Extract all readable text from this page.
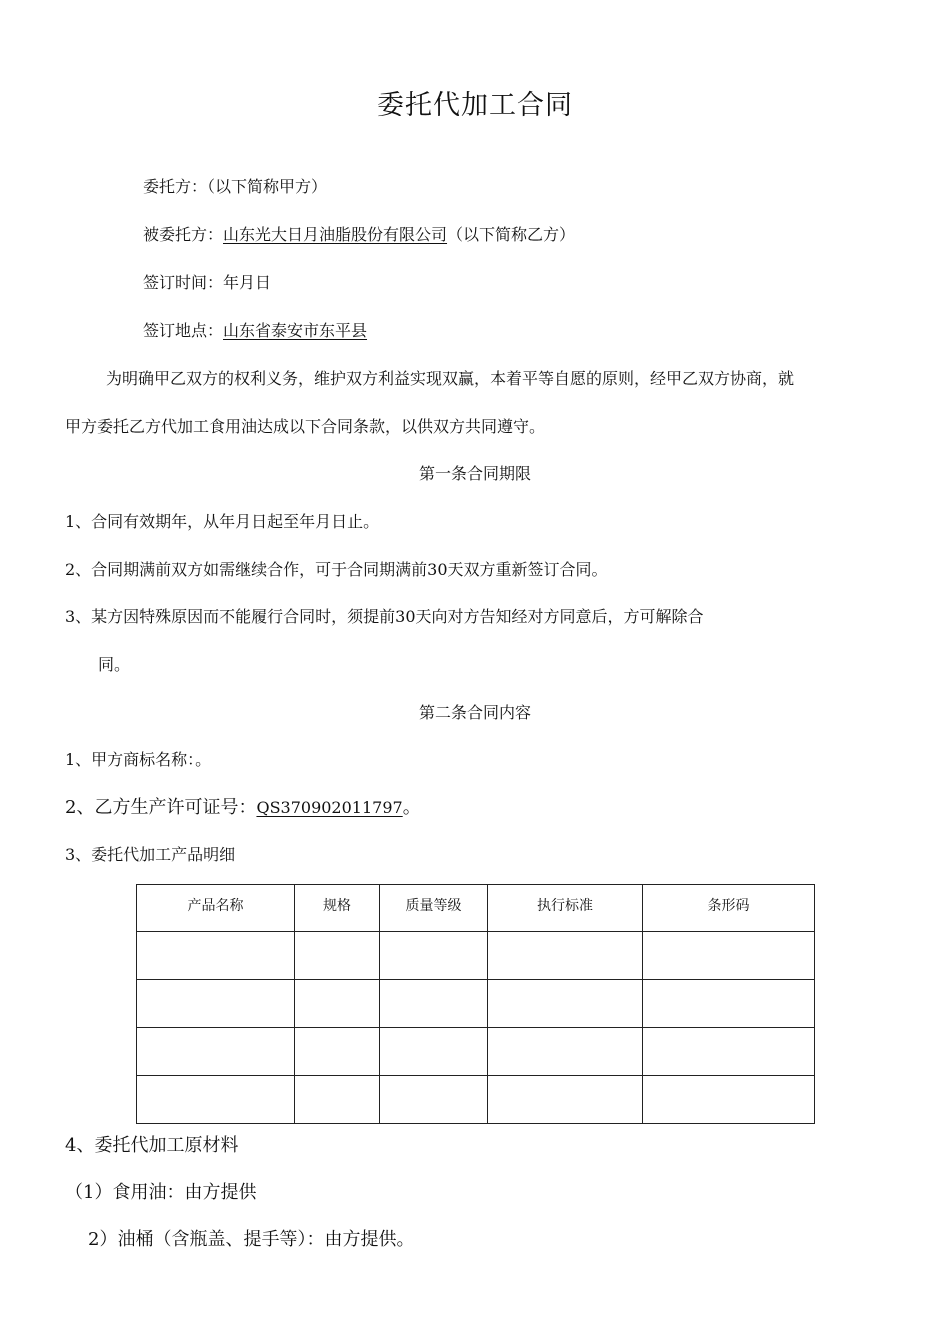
委托代加工合同
委托方：（以下简称甲方）
被委托方：山东光大日月油脂股份有限公司（以下简称乙方）
签订时间：年月日
签订地点：山东省泰安市东平县
为明确甲乙双方的权利义务，维护双方利益实现双赢，本着平等自愿的原则，经甲乙双方协商，就
甲方委托乙方代加工食用油达成以下合同条款，以供双方共同遵守。
第一条合同期限
1、合同有效期年，从年月日起至年月日止。
2、合同期满前双方如需继续合作，可于合同期满前30天双方重新签订合同。
3、某方因特殊原因而不能履行合同时，须提前30天向对方告知经对方同意后，方可解除合
同。
第二条合同内容
1、甲方商标名称：。
2、乙方生产许可证号：QS370902011797。
3、委托代加工产品明细
产品名称	规格	质量等级	执行标准	条形码

4、委托代加工原材料
（1）食用油：由方提供
2）油桶（含瓶盖、提手等）：由方提供。
